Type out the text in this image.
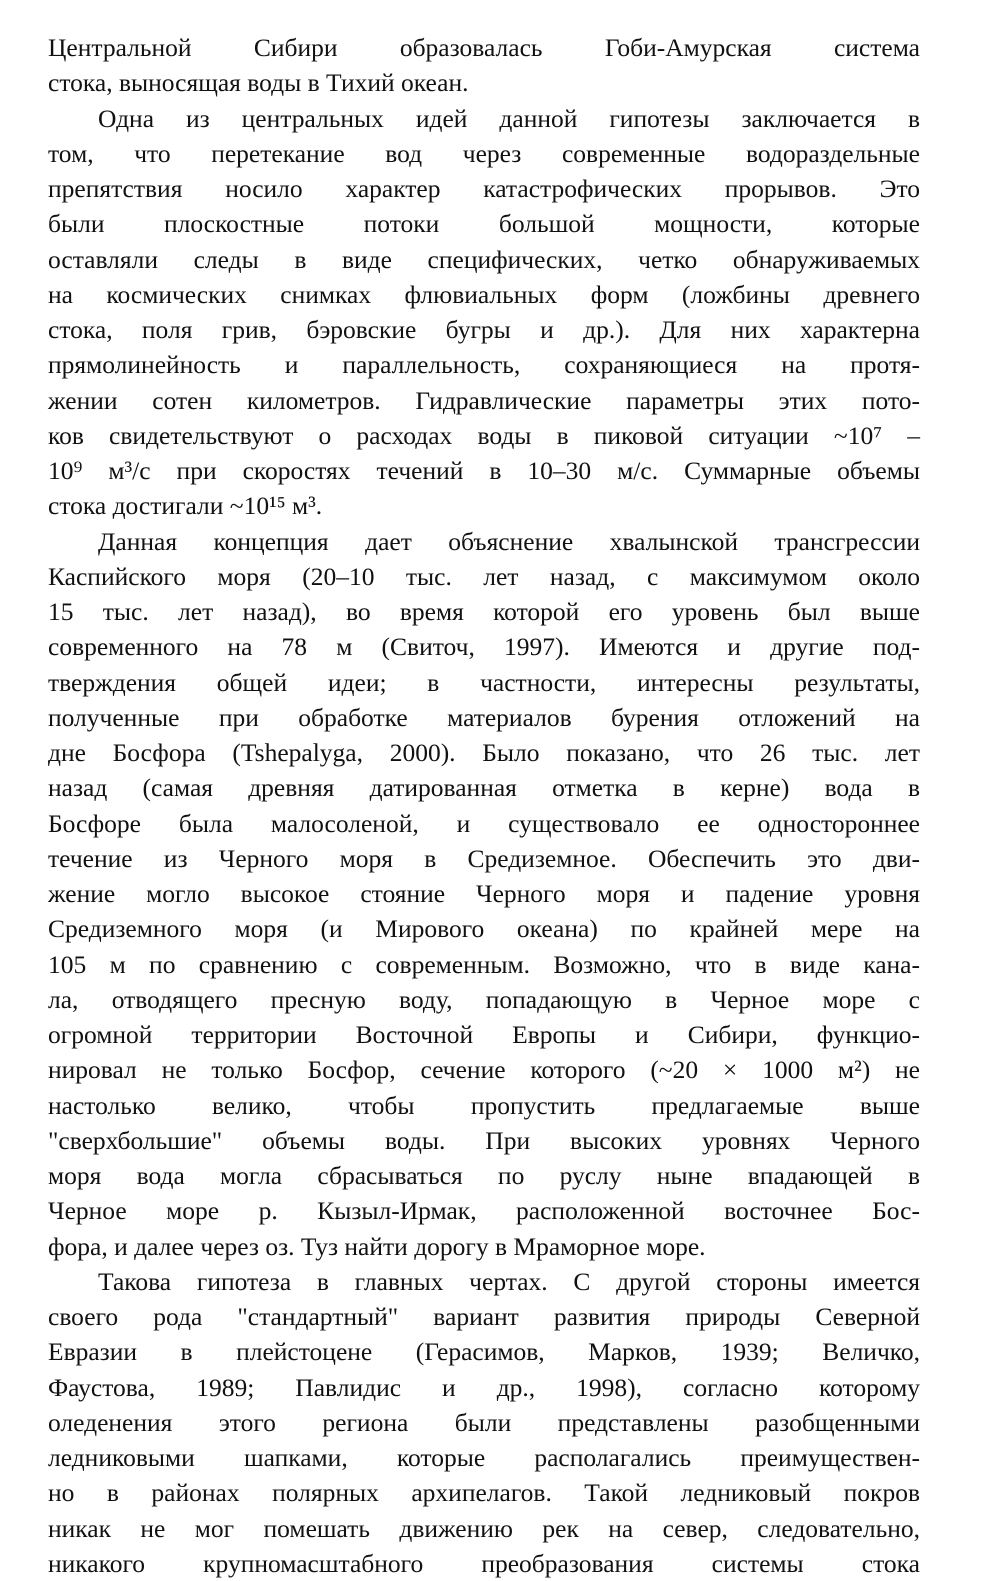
Центральной Сибири образовалась Гоби-Амурская система
стока, выносящая воды в Тихий океан.
Одна из центральных идей данной гипотезы заключается в
том, что перетекание вод через современные водораздельные
препятствия носило характер катастрофических прорывов. Это
были плоскостные потоки большой мощности, которые
оставляли следы в виде специфических, четко обнаруживаемых
на космических снимках флювиальных форм (ложбины древнего
стока, поля грив, бэровские бугры и др.). Для них характерна
прямолинейность и параллельность, сохраняющиеся на протя-
жении сотен километров. Гидравлические параметры этих пото-
ков свидетельствуют о расходах воды в пиковой ситуации ~10⁷ –
10⁹ м³/с при скоростях течений в 10–30 м/с. Суммарные объемы
стока достигали ~10¹⁵ м³.
Данная концепция дает объяснение хвалынской трансгрессии
Каспийского моря (20–10 тыс. лет назад, с максимумом около
15 тыс. лет назад), во время которой его уровень был выше
современного на 78 м (Свиточ, 1997). Имеются и другие под-
тверждения общей идеи; в частности, интересны результаты,
полученные при обработке материалов бурения отложений на
дне Босфора (Tshepalyga, 2000). Было показано, что 26 тыс. лет
назад (самая древняя датированная отметка в керне) вода в
Босфоре была малосоленой, и существовало ее одностороннее
течение из Черного моря в Средиземное. Обеспечить это дви-
жение могло высокое стояние Черного моря и падение уровня
Средиземного моря (и Мирового океана) по крайней мере на
105 м по сравнению с современным. Возможно, что в виде кана-
ла, отводящего пресную воду, попадающую в Черное море с
огромной территории Восточной Европы и Сибири, функцио-
нировал не только Босфор, сечение которого (~20 × 1000 м²) не
настолько велико, чтобы пропустить предлагаемые выше
"сверхбольшие" объемы воды. При высоких уровнях Черного
моря вода могла сбрасываться по руслу ныне впадающей в
Черное море р. Кызыл-Ирмак, расположенной восточнее Бос-
фора, и далее через оз. Туз найти дорогу в Мраморное море.
Такова гипотеза в главных чертах. С другой стороны имеется
своего рода "стандартный" вариант развития природы Северной
Евразии в плейстоцене (Герасимов, Марков, 1939; Величко,
Фаустова, 1989; Павлидис и др., 1998), согласно которому
оледенения этого региона были представлены разобщенными
ледниковыми шапками, которые располагались преимуществен-
но в районах полярных архипелагов. Такой ледниковый покров
никак не мог помешать движению рек на север, следовательно,
никакого крупномасштабного преобразования системы стока
